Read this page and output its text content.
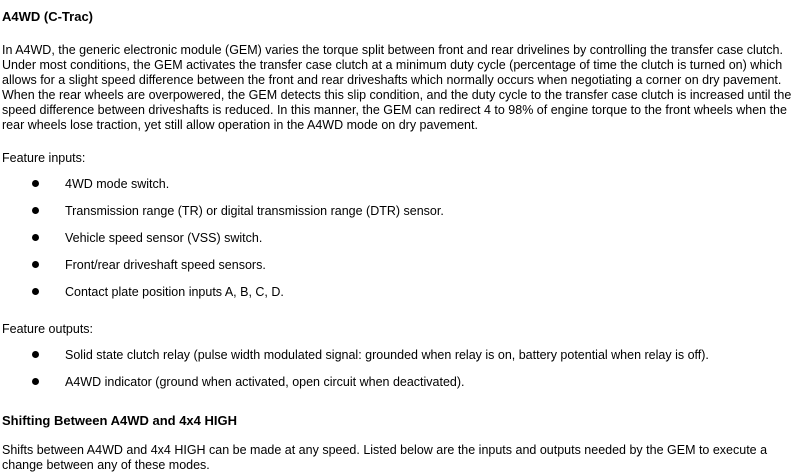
A4WD (C-Trac)

In A4WD, the generic electronic module (GEM) varies the torque split between front and rear drivelines by controlling the transfer case clutch. Under most conditions, the GEM activates the transfer case clutch at a minimum duty cycle (percentage of time the clutch is turned on) which allows for a slight speed difference between the front and rear driveshafts which normally occurs when negotiating a corner on dry pavement. When the rear wheels are overpowered, the GEM detects this slip condition, and the duty cycle to the transfer case clutch is increased until the speed difference between driveshafts is reduced. In this manner, the GEM can redirect 4 to 98% of engine torque to the front wheels when the rear wheels lose traction, yet still allow operation in the A4WD mode on dry pavement.

Feature inputs:

4WD mode switch.
Transmission range (TR) or digital transmission range (DTR) sensor.
Vehicle speed sensor (VSS) switch.
Front/rear driveshaft speed sensors.
Contact plate position inputs A, B, C, D.

Feature outputs:

Solid state clutch relay (pulse width modulated signal: grounded when relay is on, battery potential when relay is off).
A4WD indicator (ground when activated, open circuit when deactivated).
Shifting Between A4WD and 4x4 HIGH

Shifts between A4WD and 4x4 HIGH can be made at any speed. Listed below are the inputs and outputs needed by the GEM to execute a change between any of these modes.
